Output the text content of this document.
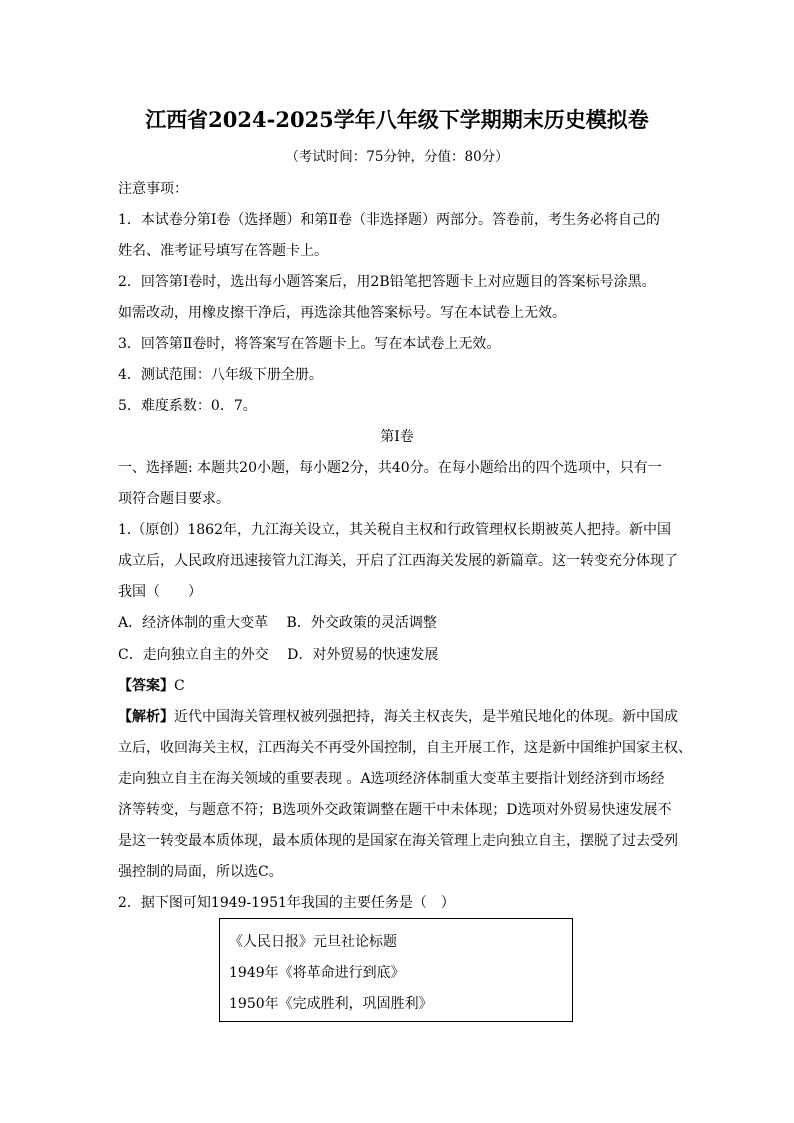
江西省2024-2025学年八年级下学期期末历史模拟卷
（考试时间：75分钟，分值：80分）
注意事项：
1．本试卷分第Ⅰ卷（选择题）和第Ⅱ卷（非选择题）两部分。答卷前，考生务必将自己的
姓名、准考证号填写在答题卡上。
2．回答第Ⅰ卷时，选出每小题答案后，用2B铅笔把答题卡上对应题目的答案标号涂黑。
如需改动，用橡皮擦干净后，再选涂其他答案标号。写在本试卷上无效。
3．回答第Ⅱ卷时，将答案写在答题卡上。写在本试卷上无效。
4．测试范围：八年级下册全册。
5．难度系数：0．7。
第Ⅰ卷
一、选择题: 本题共20小题，每小题2分，共40分。在每小题给出的四个选项中，只有一
项符合题目要求。
1.（原创）1862年，九江海关设立，其关税自主权和行政管理权长期被英人把持。新中国
成立后，人民政府迅速接管九江海关，开启了江西海关发展的新篇章。这一转变充分体现了
我国（　　）
A．经济体制的重大变革　 B．外交政策的灵活调整
C．走向独立自主的外交　 D．对外贸易的快速发展
【答案】C
【解析】近代中国海关管理权被列强把持，海关主权丧失，是半殖民地化的体现。新中国成
立后，收回海关主权，江西海关不再受外国控制，自主开展工作，这是新中国维护国家主权、
走向独立自主在海关领域的重要表现 。A选项经济体制重大变革主要指计划经济到市场经
济等转变，与题意不符；B选项外交政策调整在题干中未体现；D选项对外贸易快速发展不
是这一转变最本质体现，最本质体现的是国家在海关管理上走向独立自主，摆脱了过去受列
强控制的局面，所以选C。
2．据下图可知1949-1951年我国的主要任务是（　）
《人民日报》元旦社论标题
1949年《将革命进行到底》
1950年《完成胜利，巩固胜利》
